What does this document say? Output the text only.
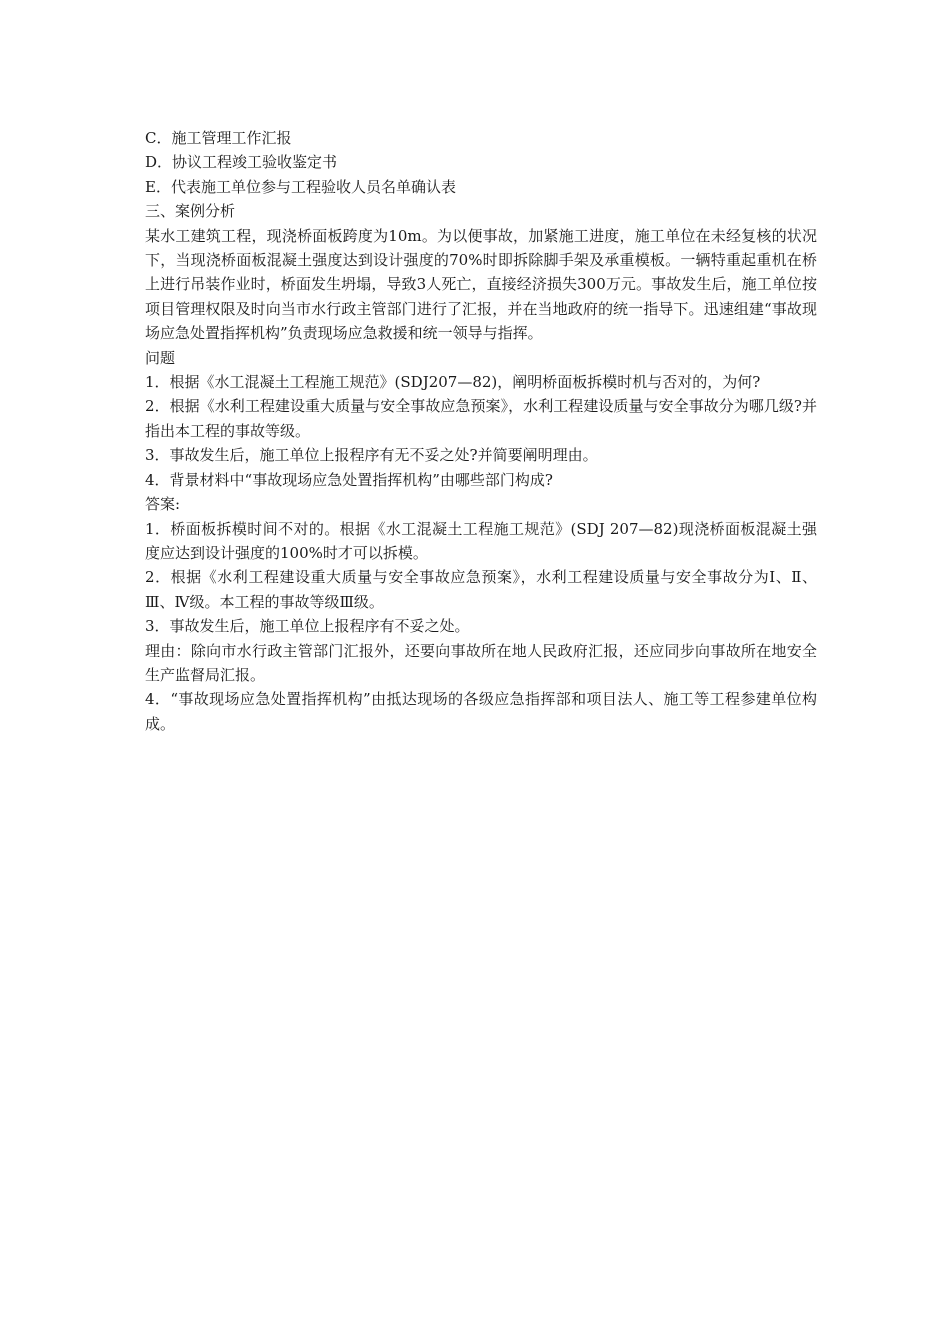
C．施工管理工作汇报
D．协议工程竣工验收鉴定书
E．代表施工单位参与工程验收人员名单确认表
三、案例分析
某水工建筑工程，现浇桥面板跨度为10m。为以便事故，加紧施工进度，施工单位在未经复核的状况下，当现浇桥面板混凝土强度达到设计强度的70%时即拆除脚手架及承重模板。一辆特重起重机在桥上进行吊装作业时，桥面发生坍塌，导致3人死亡，直接经济损失300万元。事故发生后，施工单位按项目管理权限及时向当市水行政主管部门进行了汇报，并在当地政府的统一指导下。迅速组建“事故现场应急处置指挥机构”负责现场应急救援和统一领导与指挥。
问题
1．根据《水工混凝土工程施工规范》(SDJ207—82)，阐明桥面板拆模时机与否对的，为何?
2．根据《水利工程建设重大质量与安全事故应急预案》，水利工程建设质量与安全事故分为哪几级?并指出本工程的事故等级。
3．事故发生后，施工单位上报程序有无不妥之处?并简要阐明理由。
4．背景材料中“事故现场应急处置指挥机构”由哪些部门构成?
答案:
1．桥面板拆模时间不对的。根据《水工混凝土工程施工规范》(SDJ 207—82)现浇桥面板混凝土强度应达到设计强度的100%时才可以拆模。
2．根据《水利工程建设重大质量与安全事故应急预案》，水利工程建设质量与安全事故分为Ⅰ、Ⅱ、Ⅲ、Ⅳ级。本工程的事故等级Ⅲ级。
3．事故发生后，施工单位上报程序有不妥之处。
理由：除向市水行政主管部门汇报外，还要向事故所在地人民政府汇报，还应同步向事故所在地安全生产监督局汇报。
4．“事故现场应急处置指挥机构”由抵达现场的各级应急指挥部和项目法人、施工等工程参建单位构成。
